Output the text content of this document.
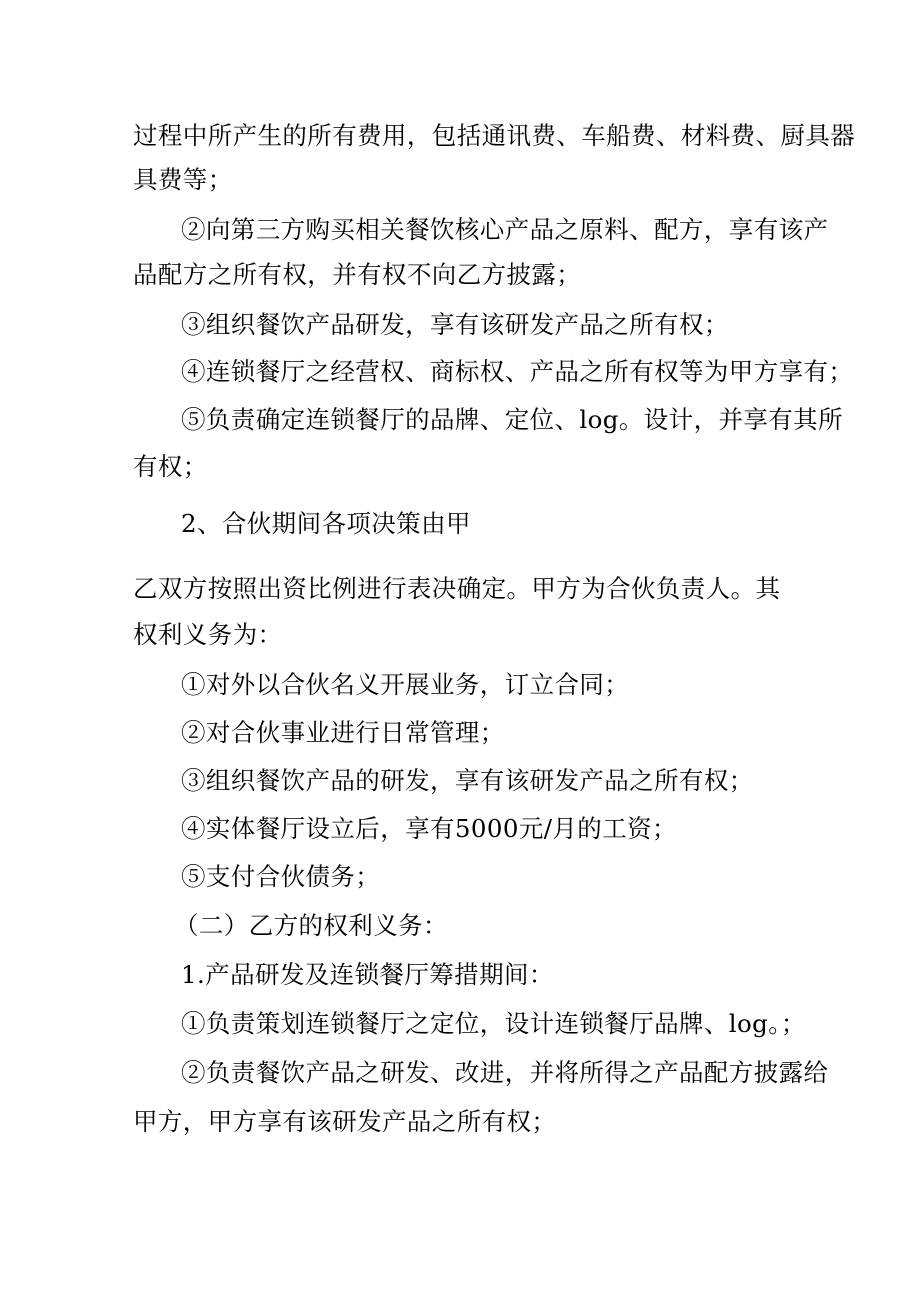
过程中所产生的所有费用，包括通讯费、车船费、材料费、厨具器
具费等；
②向第三方购买相关餐饮核心产品之原料、配方，享有该产
品配方之所有权，并有权不向乙方披露；
③组织餐饮产品研发，享有该研发产品之所有权；
④连锁餐厅之经营权、商标权、产品之所有权等为甲方享有；
⑤负责确定连锁餐厅的品牌、定位、log。设计，并享有其所
有权；
2、合伙期间各项决策由甲
乙双方按照出资比例进行表决确定。甲方为合伙负责人。其
权利义务为：
①对外以合伙名义开展业务，订立合同；
②对合伙事业进行日常管理；
③组织餐饮产品的研发，享有该研发产品之所有权；
④实体餐厅设立后，享有5000元/月的工资；
⑤支付合伙债务；
（二）乙方的权利义务：
1.产品研发及连锁餐厅筹措期间：
①负责策划连锁餐厅之定位，设计连锁餐厅品牌、log。；
②负责餐饮产品之研发、改进，并将所得之产品配方披露给
甲方，甲方享有该研发产品之所有权；
